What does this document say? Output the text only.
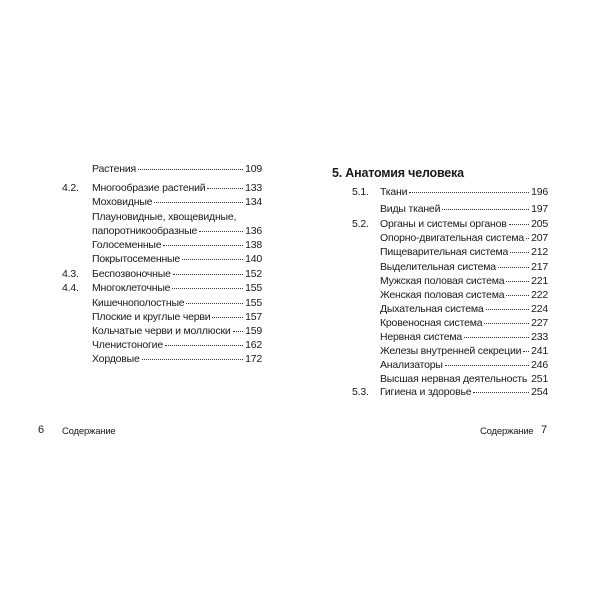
Растения	109
4.2.	Многообразие растений	133
Моховидные	134
Плауновидные, хвощевидные,
папоротникообразные	136
Голосеменные	138
Покрытосеменные	140
4.3.	Беспозвоночные	152
4.4.	Многоклеточные	155
Кишечнополостные	155
Плоские и круглые черви	157
Кольчатые черви и моллюски 159
Членистоногие	162
Хордовые	172
6 Содержание
5. Анатомия человека
5.1.	Ткани	196
Виды тканей	197
5.2.	Органы и системы органов 205
Опорно-двигательная система 207
Пищеварительная система 212
Выделительная система	217
Мужская половая система	221
Женская половая система	222
Дыхательная система	224
Кровеносная система	227
Нервная система	233
Железы внутренней секреции 241
Анализаторы	246
Высшая нервная деятельность 251
5.3.	Гигиена и здоровье	254
Содержание 7
